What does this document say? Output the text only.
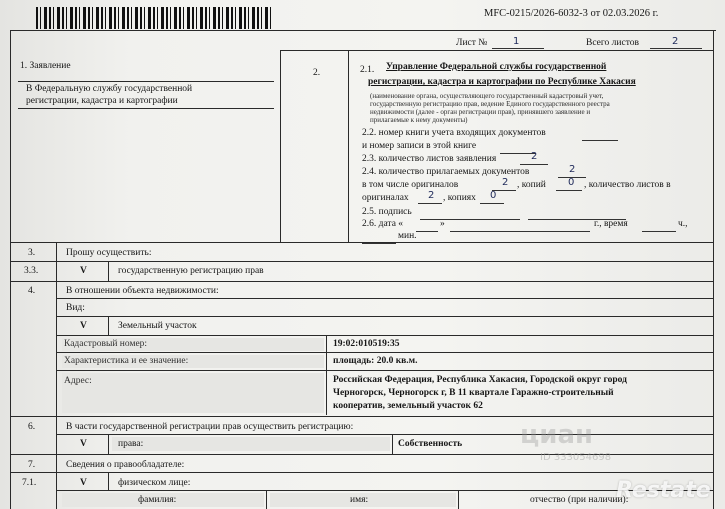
MFC-0215/2026-6032-3 от 02.03.2026 г.
Лист №	1	Всего листов	2
1. Заявление
В Федеральную службу государственной
регистрации, кадастра и картографии
2.	2.1. Управление Федеральной службы государственной
регистрации, кадастра и картографии по Республике Хакасия
(наименование органа, осуществляющего государственный кадастровый учет,
государственную регистрацию прав, ведение Единого государственного реестра
недвижимости (далее - орган регистрации прав), принявшего заявление и
прилагаемые к нему документы)
2.2. номер книги учета входящих документов
и номер записи в этой книге
2.3. количество листов заявления	2
2.4. количество прилагаемых документов	2
в том числе оригиналов	2 , копий 0 , количество листов в
оригиналах 2 , копиях 0
2.5. подпись
2.6. дата «	»	г., время	ч.,
мин.
3.	Прошу осуществить:
3.3.	V	государственную регистрацию прав
4.	В отношении объекта недвижимости:
Вид:
V	Земельный участок
Кадастровый номер:	19:02:010519:35
Характеристика и ее значение:	площадь: 20.0 кв.м.
Адрес:	Российская Федерация, Республика Хакасия, Городской округ город
Черногорск, Черногорск г, В 11 квартале Гаражно-строительный
кооператив, земельный участок 62
6.	В части государственной регистрации прав осуществить регистрацию:
V	права:	Собственность
7.	Сведения о правообладателе:
7.1.	V	физическом лице:
фамилия:	имя:	отчество (при наличии):
циан
ID 333054698
Restate
